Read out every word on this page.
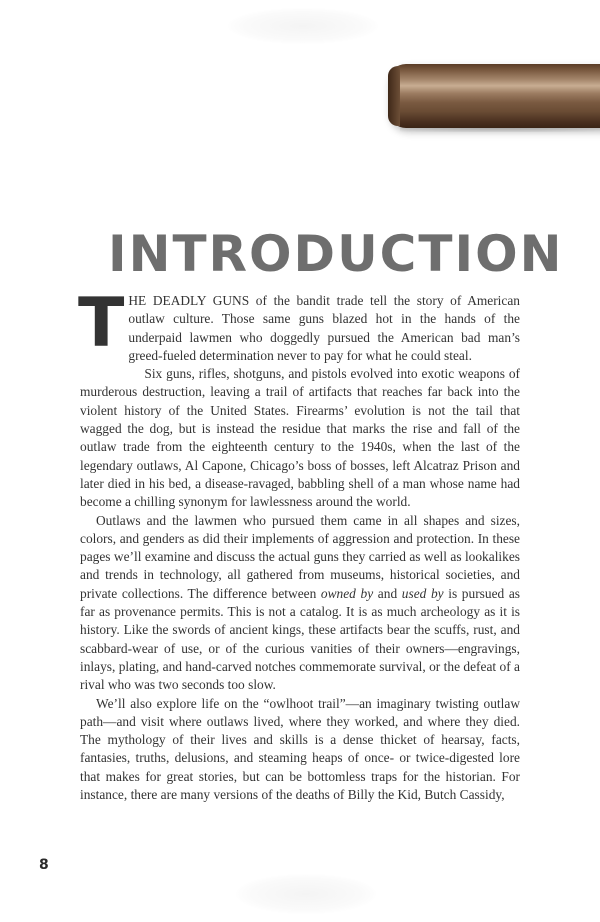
INTRODUCTION

THE DEADLY GUNS of the bandit trade tell the story of American outlaw culture. Those same guns blazed hot in the hands of the underpaid lawmen who doggedly pursued the American bad man’s greed-fueled determination never to pay for what he could steal.

Six guns, rifles, shotguns, and pistols evolved into exotic weapons of murderous destruction, leaving a trail of artifacts that reaches far back into the violent history of the United States. Firearms’ evolution is not the tail that wagged the dog, but is instead the residue that marks the rise and fall of the outlaw trade from the eighteenth century to the 1940s, when the last of the legendary outlaws, Al Capone, Chicago’s boss of bosses, left Alcatraz Prison and later died in his bed, a disease-ravaged, babbling shell of a man whose name had become a chilling synonym for lawlessness around the world.

Outlaws and the lawmen who pursued them came in all shapes and sizes, colors, and genders as did their implements of aggression and protection. In these pages we’ll examine and discuss the actual guns they carried as well as lookalikes and trends in technology, all gathered from museums, historical societies, and private collections. The difference between owned by and used by is pursued as far as provenance permits. This is not a catalog. It is as much archeology as it is history. Like the swords of ancient kings, these artifacts bear the scuffs, rust, and scabbard-wear of use, or of the curious vanities of their owners—engravings, inlays, plating, and hand-carved notches commemorate survival, or the defeat of a rival who was two seconds too slow.

We’ll also explore life on the “owlhoot trail”—an imaginary twisting outlaw path—and visit where outlaws lived, where they worked, and where they died. The mythology of their lives and skills is a dense thicket of hearsay, facts, fantasies, truths, delusions, and steaming heaps of once- or twice-digested lore that makes for great stories, but can be bottomless traps for the historian. For instance, there are many versions of the deaths of Billy the Kid, Butch Cassidy,

8
